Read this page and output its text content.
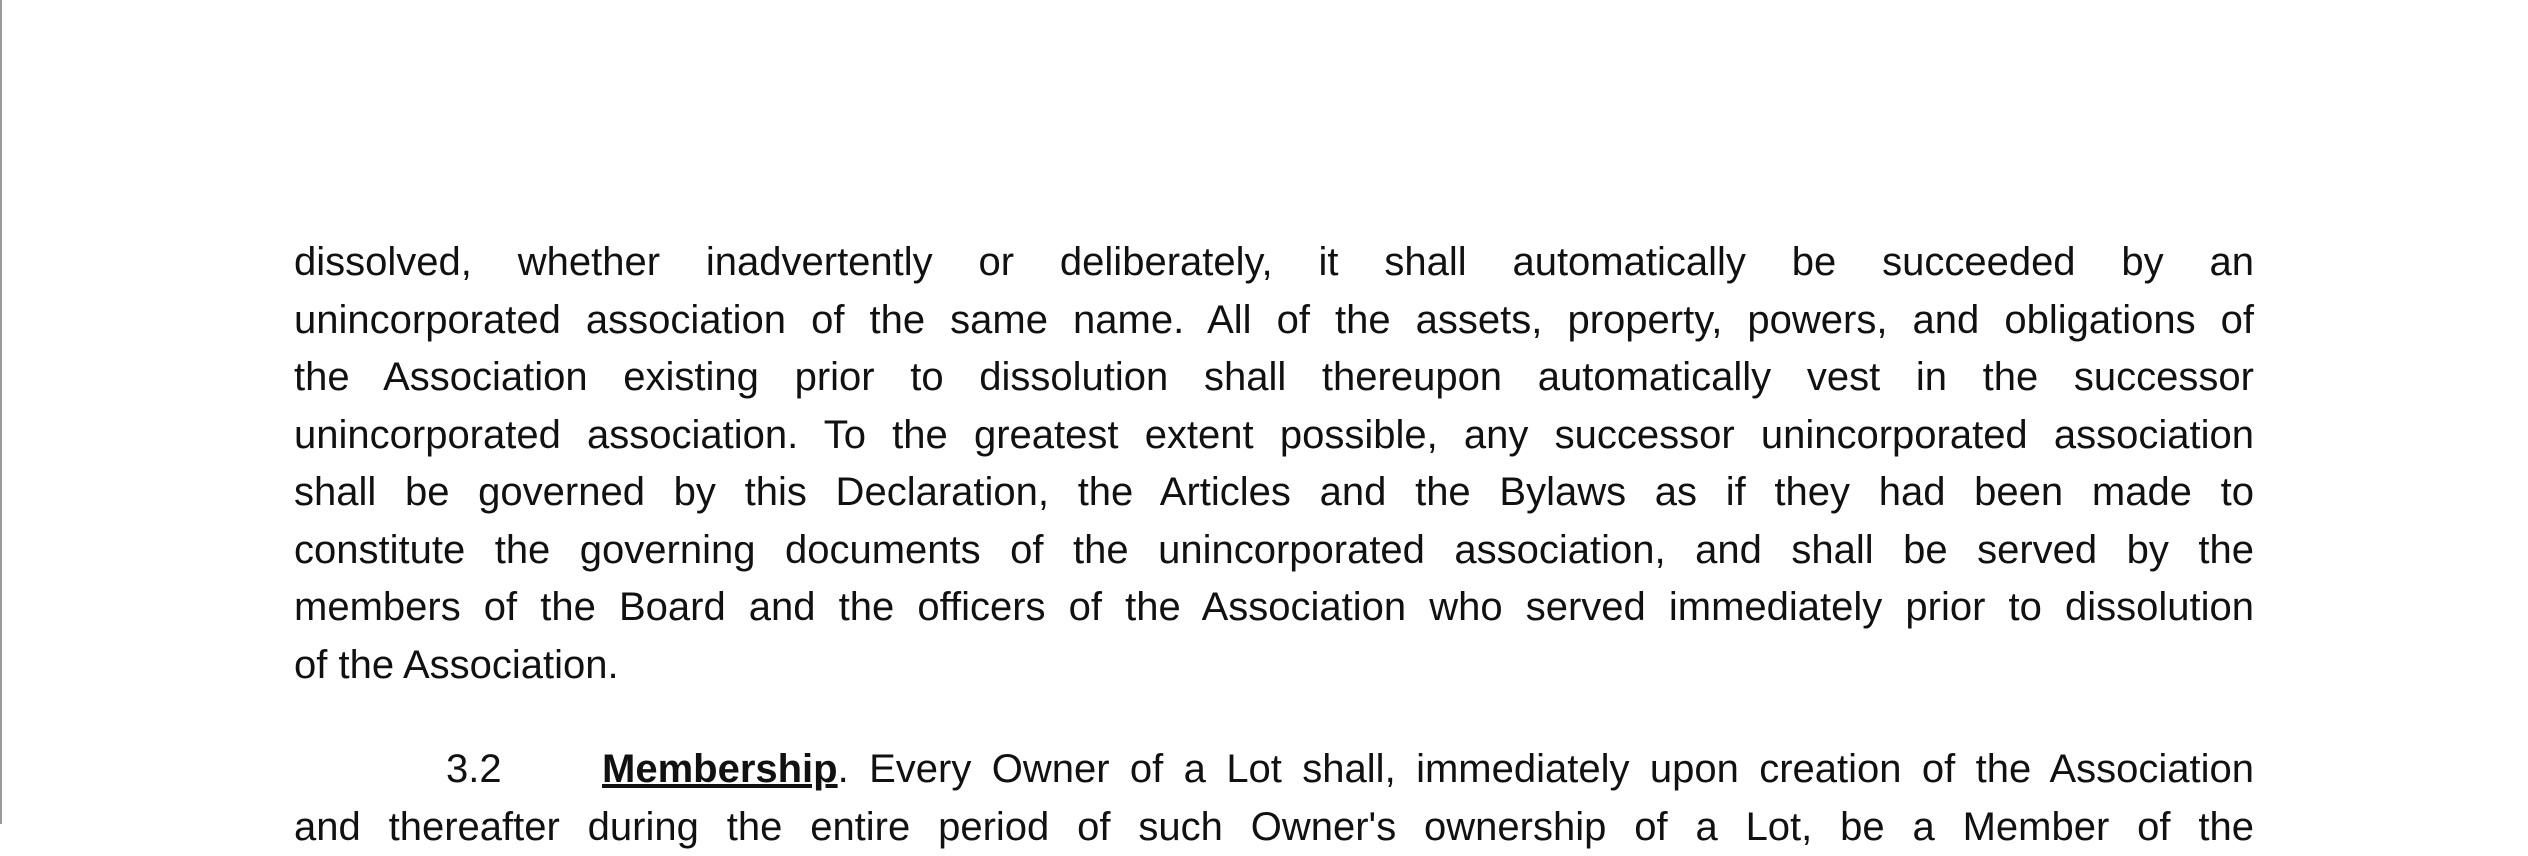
dissolved, whether inadvertently or deliberately, it shall automatically be succeeded by an
unincorporated association of the same name. All of the assets, property, powers, and obligations of
the Association existing prior to dissolution shall thereupon automatically vest in the successor
unincorporated association. To the greatest extent possible, any successor unincorporated association
shall be governed by this Declaration, the Articles and the Bylaws as if they had been made to
constitute the governing documents of the unincorporated association, and shall be served by the
members of the Board and the officers of the Association who served immediately prior to dissolution
of the Association.

3.2	Membership. Every Owner of a Lot shall, immediately upon creation of the Association
and thereafter during the entire period of such Owner's ownership of a Lot, be a Member of the
